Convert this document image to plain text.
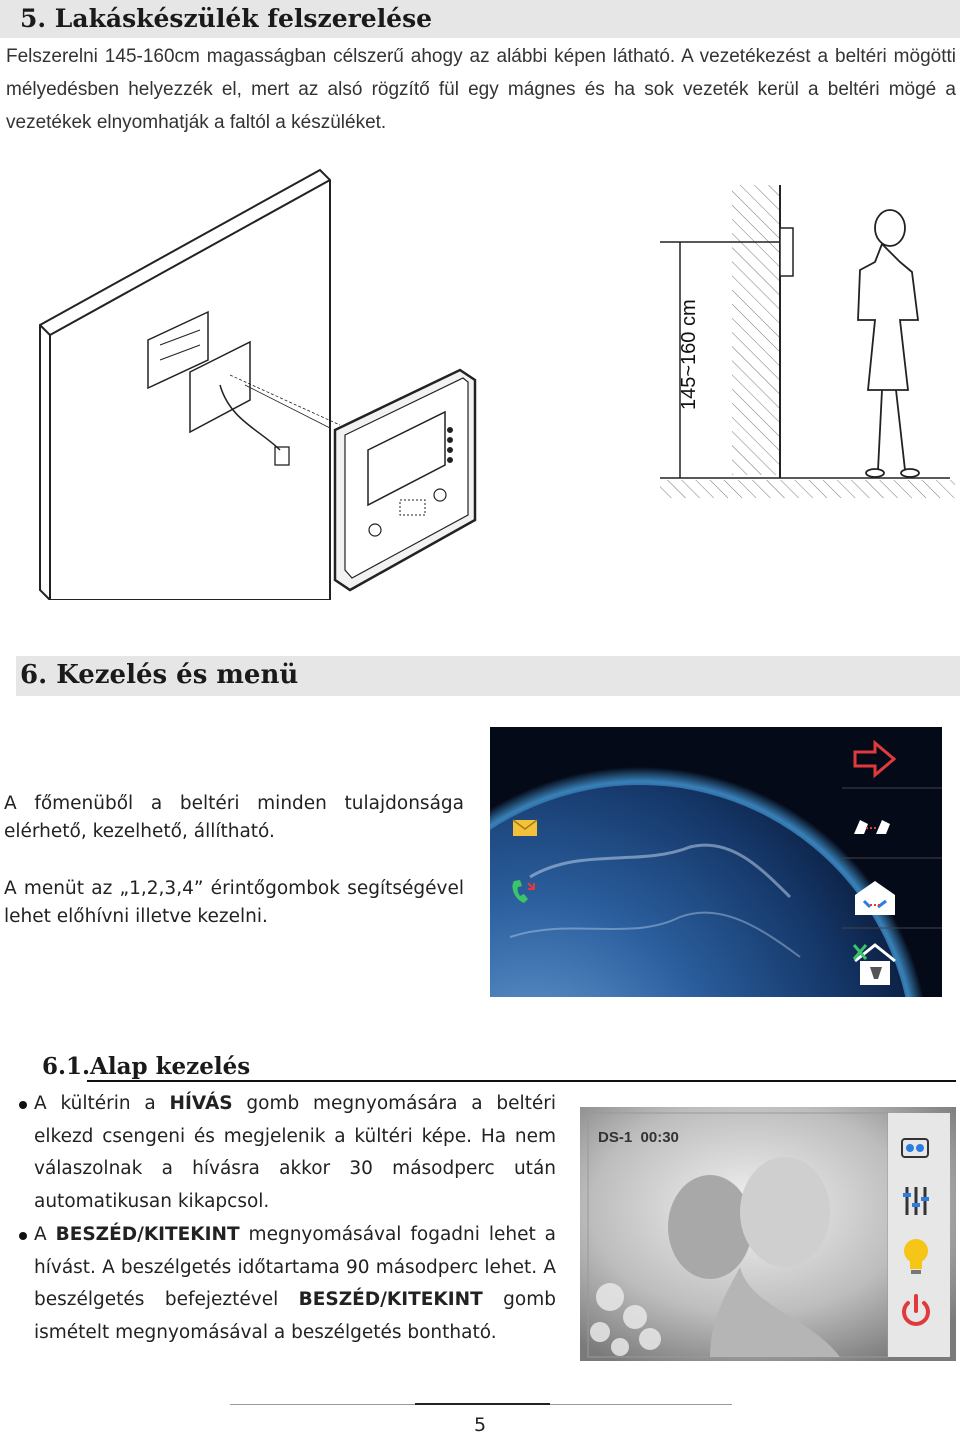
5. Lakáskészülék felszerelése
Felszerelni 145-160cm magasságban célszerű ahogy az alábbi képen látható. A vezetékezést a beltéri mögötti mélyedésben helyezzék el, mert az alsó rögzítő fül egy mágnes és ha sok vezeték kerül a beltéri mögé a vezetékek elnyomhatják a faltól a készüléket.
145~160 cm
6. Kezelés és menü
A főmenüből a beltéri minden tulajdonsága elérhető, kezelhető, állítható.
A menüt az „1,2,3,4” érintőgombok segítségével lehet előhívni illetve kezelni.
6.1.Alap kezelés
A kültérin a HÍVÁS gomb megnyomására a beltéri elkezd csengeni és megjelenik a kültéri képe. Ha nem válaszolnak a hívásra akkor 30 másodperc után automatikusan kikapcsol.
A BESZÉD/KITEKINT megnyomásával fogadni lehet a hívást. A beszélgetés időtartama 90 másodperc lehet. A beszélgetés befejeztével BESZÉD/KITEKINT gomb ismételt megnyomásával a beszélgetés bontható.
DS-1  00:30
5
